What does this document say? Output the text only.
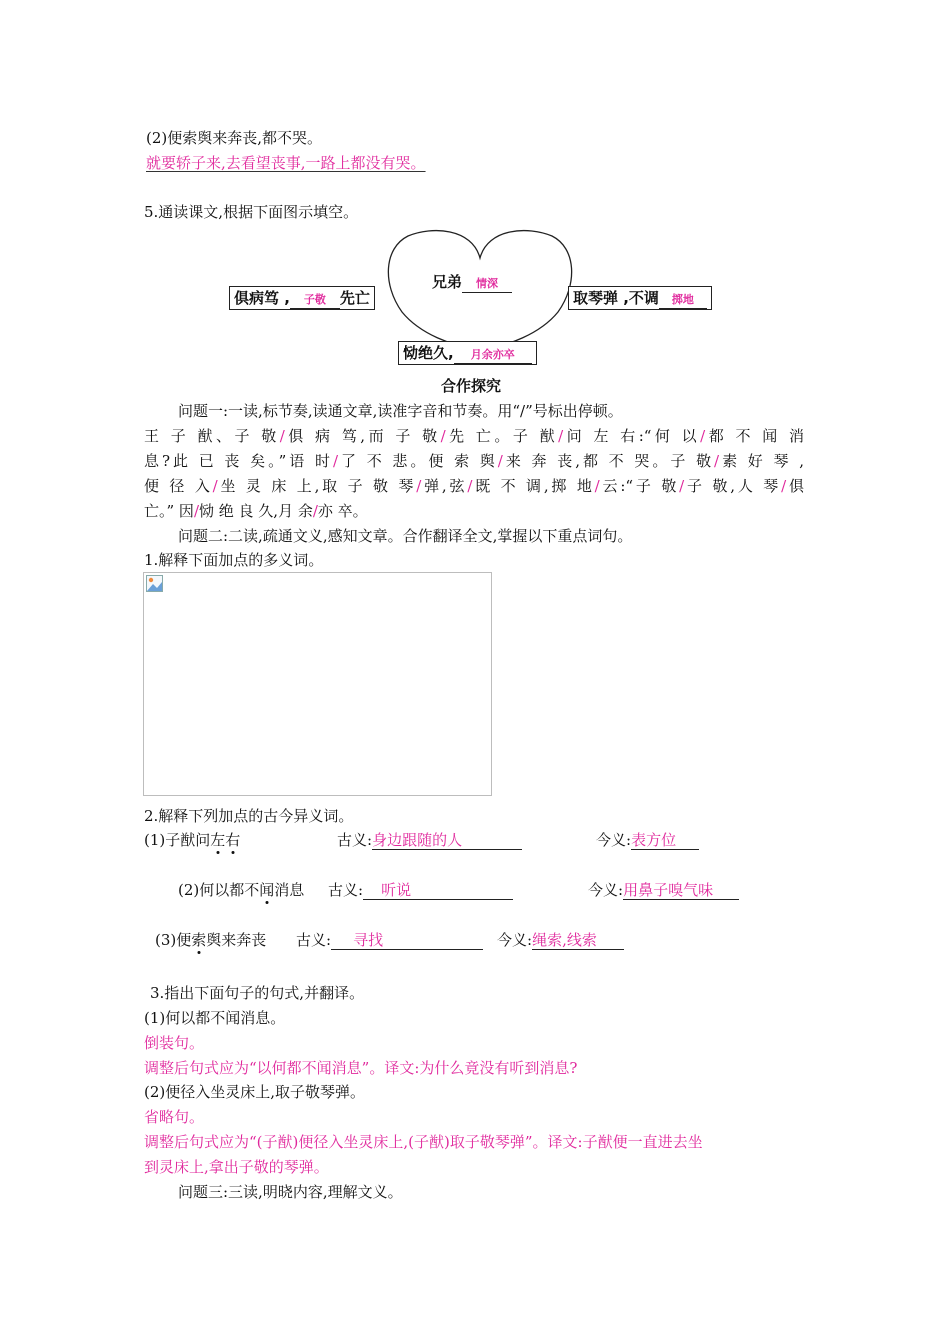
(2)便索舆来奔丧,都不哭。
就要轿子来,去看望丧事,一路上都没有哭。
5.通读课文,根据下面图示填空。
兄弟 情深
俱病笃 , 子敬 先亡	取琴弹 ,不调 掷地
恸绝久, 月余亦卒
合作探究
问题一:一读,标节奏,读通文章,读准字音和节奏。用“/”号标出停顿。
王 子 猷、子 敬/俱 病 笃,而 子 敬/先 亡。子 猷/问 左 右:“何 以/都 不 闻 消
息?此 已 丧 矣。”语 时/了 不 悲。便 索 舆/来 奔 丧,都 不 哭。子 敬/素 好 琴 ,
便 径 入/坐 灵 床 上,取 子 敬 琴/弹,弦/既 不 调,掷 地/云:“子 敬/子 敬,人 琴/俱
亡。” 因/恸 绝 良 久,月 余/亦 卒。
问题二:二读,疏通文义,感知文章。合作翻译全文,掌握以下重点词句。
1.解释下面加点的多义词。
2.解释下列加点的古今异义词。
(1)子猷问左右	古义:身边跟随的人	今义:表方位
(2)何以都不闻消息 古义: 听说	今义:用鼻子嗅气味
(3)便索舆来奔丧 古义: 寻找	今义:绳索,线索
3.指出下面句子的句式,并翻译。
(1)何以都不闻消息。
倒装句。
调整后句式应为“以何都不闻消息”。译文:为什么竟没有听到消息?
(2)便径入坐灵床上,取子敬琴弹。
省略句。
调整后句式应为“(子猷)便径入坐灵床上,(子猷)取子敬琴弹”。译文:子猷便一直进去坐
到灵床上,拿出子敬的琴弹。
问题三:三读,明晓内容,理解文义。
